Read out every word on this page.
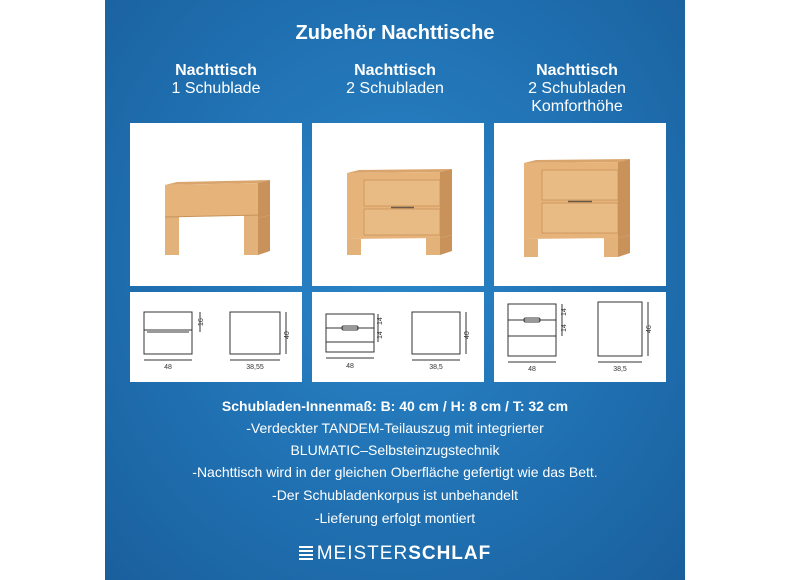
Zubehör Nachttische
Nachttisch
1 Schublade
Nachttisch
2 Schubladen
Nachttisch
2 Schubladen
Komforthöhe
48	38,55
16
40
48	38,5
14
14	40
48	38,5
14
14	46
Schubladen-Innenmaß: B: 40 cm / H: 8 cm / T: 32 cm
-Verdeckter TANDEM-Teilauszug mit integrierter
BLUMATIC–Selbsteinzugstechnik
-Nachttisch wird in der gleichen Oberfläche gefertigt wie das Bett.
-Der Schubladenkorpus ist unbehandelt
-Lieferung erfolgt montiert
MEISTERSCHLAF
